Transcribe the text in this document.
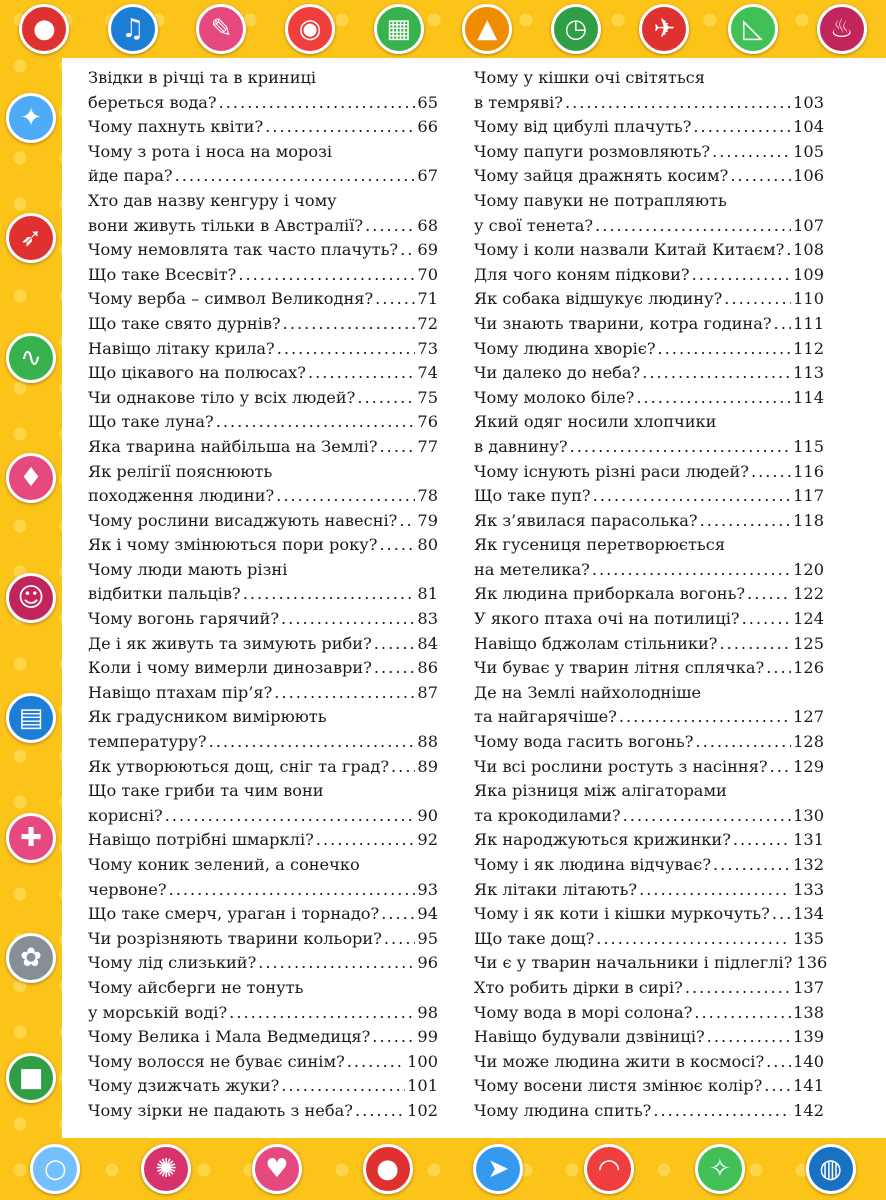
●	♫	✎	◉	▦	▲	◷	✈	◺	♨
✦
➶
∿
♦
☺
▤
✚
✿
■
○	✺	♥	●	➤	◠	✧	◍
Звідки в річці та в криниці
береться вода? .....	65
Чому пахнуть квіти? .....	66
Чому з рота і носа на морозі
йде пара? .....	67
Хто дав назву кенгуру і чому
вони живуть тільки в Австралії? .....	68
Чому немовлята так часто плачуть? ..... 69
Що таке Всесвіт? .....	70
Чому верба – символ Великодня? .....	71
Що таке свято дурнів? .....	72
Навіщо літаку крила? .....	73
Що цікавого на полюсах? .....	74
Чи однакове тіло у всіх людей? .....	75
Що таке луна? .....	76
Яка тварина найбільша на Землі? ..... 77
Як релігії пояснюють
походження людини? .....	78
Чому рослини висаджують навесні? ..... 79
Як і чому змінюються пори року? ..... 80
Чому люди мають різні
відбитки пальців? .....	81
Чому вогонь гарячий? .....	83
Де і як живуть та зимують риби? .....	84
Коли і чому вимерли динозаври? .....	86
Навіщо птахам пір’я? .....	87
Як градусником вимірюють
температуру? .....	88
Як утворюються дощ, сніг та град? ..... 89
Що таке гриби та чим вони
корисні? .....	90
Навіщо потрібні шмарклі? .....	92
Чому коник зелений, а сонечко
червоне? .....	93
Що таке смерч, ураган і торнадо? ..... 94
Чи розрізняють тварини кольори? ..... 95
Чому лід слизький? .....	96
Чому айсберги не тонуть
у морській воді? .....	98
Чому Велика і Мала Ведмедиця? .....	99
Чому волосся не буває синім? .....	100
Чому дзижчать жуки? .....	101
Чому зірки не падають з неба? .....	102
Чому у кішки очі світяться
в темряві? .....	103
Чому від цибулі плачуть? .....	104
Чому папуги розмовляють? .....	105
Чому зайця дражнять косим? .....	106
Чому павуки не потрапляють
у свої тенета? .....	107
Чому і коли назвали Китай Китаєм? ..... 108
Для чого коням підкови? .....	109
Як собака відшукує людину? .....	110
Чи знають тварини, котра година? ..... 111
Чому людина хворіє? .....	112
Чи далеко до неба? .....	113
Чому молоко біле? .....	114
Який одяг носили хлопчики
в давнину? .....	115
Чому існують різні раси людей? .....	116
Що таке пуп? .....	117
Як з’явилася парасолька? .....	118
Як гусениця перетворюється
на метелика? .....	120
Як людина приборкала вогонь? .....	122
У якого птаха очі на потилиці? .....	124
Навіщо бджолам стільники? .....	125
Чи буває у тварин літня сплячка? ..... 126
Де на Землі найхолодніше
та найгарячіше? .....	127
Чому вода гасить вогонь? .....	128
Чи всі рослини ростуть з насіння? ..... 129
Яка різниця між алігаторами
та крокодилами? .....	130
Як народжуються крижинки? .....	131
Чому і як людина відчуває? .....	132
Як літаки літають? .....	133
Чому і як коти і кішки муркочуть? ..... 134
Що таке дощ? .....	135
Чи є у тварин начальники і підлеглі? 136
Хто робить дірки в сирі? .....	137
Чому вода в морі солона? .....	138
Навіщо будували дзвіниці? .....	139
Чи може людина жити в космосі? ..... 140
Чому восени листя змінює колір? ..... 141
Чому людина спить? .....	142
